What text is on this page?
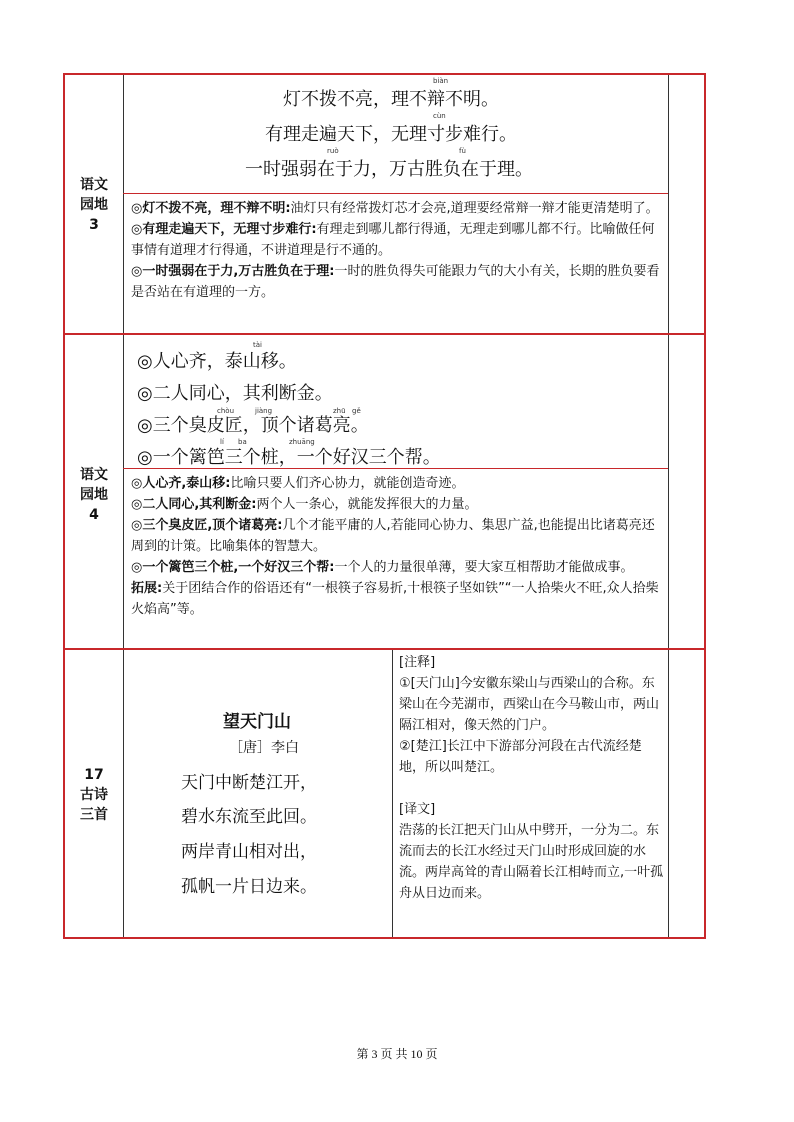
语文
园地
3
biàn
灯不拨不亮，理不辩不明。
cùn
有理走遍天下，无理寸步难行。
ruò	fù
一时强弱在于力，万古胜负在于理。

◎灯不拨不亮，理不辩不明:油灯只有经常拨灯芯才会亮,道理要经常辩一辩才能更清楚明了。

◎有理走遍天下，无理寸步难行:有理走到哪儿都行得通，无理走到哪儿都不行。比喻做任何事情有道理才行得通，不讲道理是行不通的。

◎一时强弱在于力,万古胜负在于理:一时的胜负得失可能跟力气的大小有关，长期的胜负要看是否站在有道理的一方。

语文
园地
4
tài
◎人心齐，泰山移。
◎二人同心，其利断金。
chòu	jiàng	zhū gě
◎三个臭皮匠，顶个诸葛亮。
lí ba	zhuāng
◎一个篱笆三个桩，一个好汉三个帮。

◎人心齐,泰山移:比喻只要人们齐心协力，就能创造奇迹。

◎二人同心,其利断金:两个人一条心，就能发挥很大的力量。

◎三个臭皮匠,顶个诸葛亮:几个才能平庸的人,若能同心协力、集思广益,也能提出比诸葛亮还周到的计策。比喻集体的智慧大。

◎一个篱笆三个桩,一个好汉三个帮:一个人的力量很单薄，要大家互相帮助才能做成事。

拓展:关于团结合作的俗语还有“一根筷子容易折,十根筷子坚如铁”“一人拾柴火不旺,众人拾柴火焰高”等。

17
古诗
三首
望天门山
［唐］李白
天门中断楚江开，
碧水东流至此回。
两岸青山相对出，
孤帆一片日边来。

[注释]

①[天门山]今安徽东梁山与西梁山的合称。东梁山在今芜湖市，西梁山在今马鞍山市，两山隔江相对，像天然的门户。

②[楚江]长江中下游部分河段在古代流经楚地，所以叫楚江。

[译文]

浩荡的长江把天门山从中劈开，一分为二。东流而去的长江水经过天门山时形成回旋的水流。两岸高耸的青山隔着长江相峙而立,一叶孤舟从日边而来。

第 3 页 共 10 页
